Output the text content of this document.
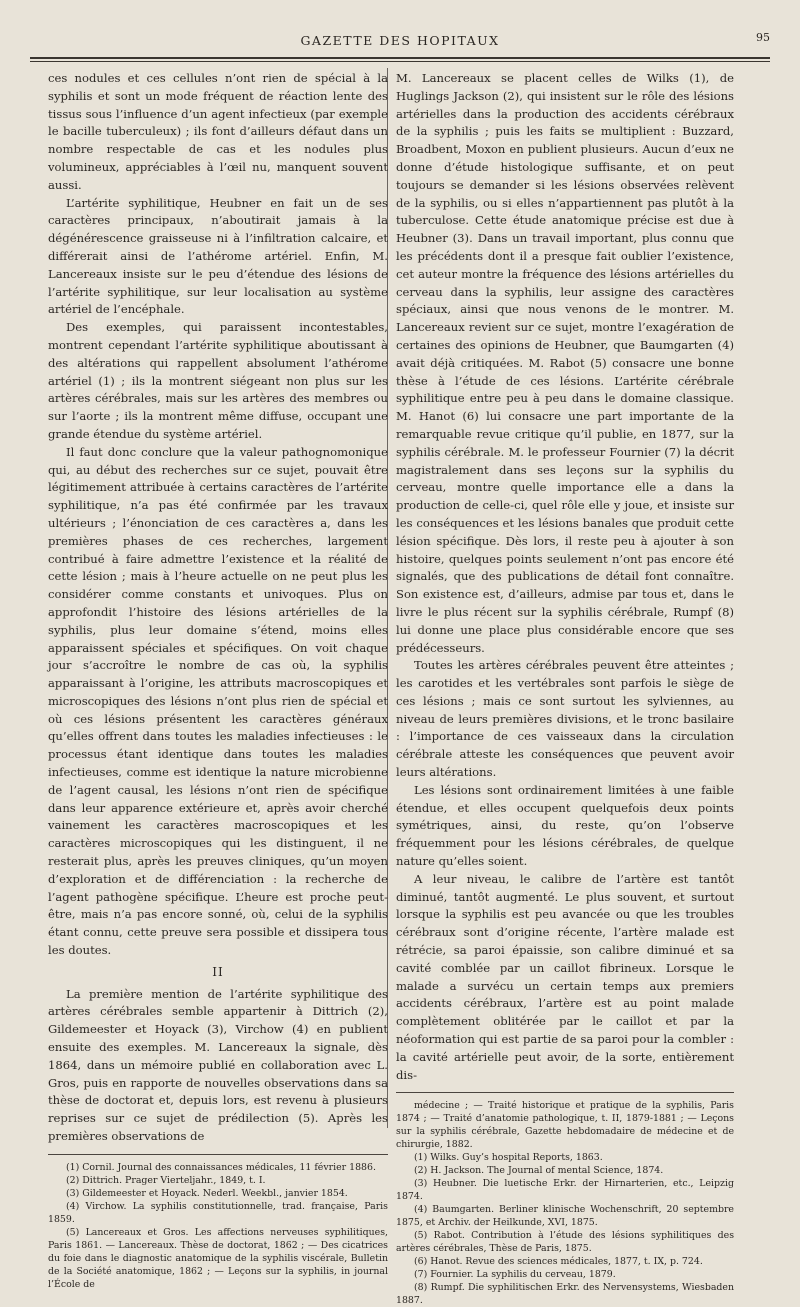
GAZETTE DES HOPITAUX	95

ces nodules et ces cellules n’ont rien de spécial à la syphilis et sont un mode fréquent de réaction lente des tissus sous l’influence d’un agent infectieux (par exemple le bacille tuberculeux) ; ils font d’ailleurs défaut dans un nombre respectable de cas et les nodules plus volumineux, appréciables à l’œil nu, manquent souvent aussi.

L’artérite syphilitique, Heubner en fait un de ses caractères principaux, n’aboutirait jamais à la dégénérescence graisseuse ni à l’infiltration calcaire, et différerait ainsi de l’athérome artériel. Enfin, M. Lancereaux insiste sur le peu d’étendue des lésions de l’artérite syphilitique, sur leur localisation au système artériel de l’encéphale.

Des exemples, qui paraissent incontestables, montrent cependant l’artérite syphilitique aboutissant à des altérations qui rappellent absolument l’athérome artériel (1) ; ils la montrent siégeant non plus sur les artères cérébrales, mais sur les artères des membres ou sur l’aorte ; ils la montrent même diffuse, occupant une grande étendue du système artériel.

Il faut donc conclure que la valeur pathognomonique qui, au début des recherches sur ce sujet, pouvait être légitimement attribuée à certains caractères de l’artérite syphilitique, n’a pas été confirmée par les travaux ultérieurs ; l’énonciation de ces caractères a, dans les premières phases de ces recherches, largement contribué à faire admettre l’existence et la réalité de cette lésion ; mais à l’heure actuelle on ne peut plus les considérer comme constants et univoques. Plus on approfondit l’histoire des lésions artérielles de la syphilis, plus leur domaine s’étend, moins elles apparaissent spéciales et spécifiques. On voit chaque jour s’accroître le nombre de cas où, la syphilis apparaissant à l’origine, les attributs macroscopiques et microscopiques des lésions n’ont plus rien de spécial et où ces lésions présentent les caractères généraux qu’elles offrent dans toutes les maladies infectieuses : le processus étant identique dans toutes les maladies infectieuses, comme est identique la nature microbienne de l’agent causal, les lésions n’ont rien de spécifique dans leur apparence extérieure et, après avoir cherché vainement les caractères macroscopiques et les caractères microscopiques qui les distinguent, il ne resterait plus, après les preuves cliniques, qu’un moyen d’exploration et de différenciation : la recherche de l’agent pathogène spécifique. L’heure est proche peut-être, mais n’a pas encore sonné, où, celui de la syphilis étant connu, cette preuve sera possible et dissipera tous les doutes.

II

La première mention de l’artérite syphilitique des artères cérébrales semble appartenir à Dittrich (2), Gildemeester et Hoyack (3), Virchow (4) en publient ensuite des exemples. M. Lancereaux la signale, dès 1864, dans un mémoire publié en collaboration avec L. Gros, puis en rapporte de nouvelles observations dans sa thèse de doctorat et, depuis lors, est revenu à plusieurs reprises sur ce sujet de prédilection (5). Après les premières observations de

(1) Cornil. Journal des connaissances médicales, 11 février 1886.

(2) Dittrich. Prager Vierteljahr., 1849, t. I.

(3) Gildemeester et Hoyack. Nederl. Weekbl., janvier 1854.

(4) Virchow. La syphilis constitutionnelle, trad. française, Paris 1859.

(5) Lancereaux et Gros. Les affections nerveuses syphilitiques, Paris 1861. — Lancereaux. Thèse de doctorat, 1862 ; — Des cicatrices du foie dans le diagnostic anatomique de la syphilis viscérale, Bulletin de la Société anatomique, 1862 ; — Leçons sur la syphilis, in journal l’École de

M. Lancereaux se placent celles de Wilks (1), de Huglings Jackson (2), qui insistent sur le rôle des lésions artérielles dans la production des accidents cérébraux de la syphilis ; puis les faits se multiplient : Buzzard, Broadbent, Moxon en publient plusieurs. Aucun d’eux ne donne d’étude histologique suffisante, et on peut toujours se demander si les lésions observées relèvent de la syphilis, ou si elles n’appartiennent pas plutôt à la tuberculose. Cette étude anatomique précise est due à Heubner (3). Dans un travail important, plus connu que les précédents dont il a presque fait oublier l’existence, cet auteur montre la fréquence des lésions artérielles du cerveau dans la syphilis, leur assigne des caractères spéciaux, ainsi que nous venons de le montrer. M. Lancereaux revient sur ce sujet, montre l’exagération de certaines des opinions de Heubner, que Baumgarten (4) avait déjà critiquées. M. Rabot (5) consacre une bonne thèse à l’étude de ces lésions. L’artérite cérébrale syphilitique entre peu à peu dans le domaine classique. M. Hanot (6) lui consacre une part importante de la remarquable revue critique qu’il publie, en 1877, sur la syphilis cérébrale. M. le professeur Fournier (7) la décrit magistralement dans ses leçons sur la syphilis du cerveau, montre quelle importance elle a dans la production de celle-ci, quel rôle elle y joue, et insiste sur les conséquences et les lésions banales que produit cette lésion spécifique. Dès lors, il reste peu à ajouter à son histoire, quelques points seulement n’ont pas encore été signalés, que des publications de détail font connaître. Son existence est, d’ailleurs, admise par tous et, dans le livre le plus récent sur la syphilis cérébrale, Rumpf (8) lui donne une place plus considérable encore que ses prédécesseurs.

Toutes les artères cérébrales peuvent être atteintes ; les carotides et les vertébrales sont parfois le siège de ces lésions ; mais ce sont surtout les sylviennes, au niveau de leurs premières divisions, et le tronc basilaire : l’importance de ces vaisseaux dans la circulation cérébrale atteste les conséquences que peuvent avoir leurs altérations.

Les lésions sont ordinairement limitées à une faible étendue, et elles occupent quelquefois deux points symétriques, ainsi, du reste, qu’on l’observe fréquemment pour les lésions cérébrales, de quelque nature qu’elles soient.

A leur niveau, le calibre de l’artère est tantôt diminué, tantôt augmenté. Le plus souvent, et surtout lorsque la syphilis est peu avancée ou que les troubles cérébraux sont d’origine récente, l’artère malade est rétrécie, sa paroi épaissie, son calibre diminué et sa cavité comblée par un caillot fibrineux. Lorsque le malade a survécu un certain temps aux premiers accidents cérébraux, l’artère est au point malade complètement oblitérée par le caillot et par la néoformation qui est partie de sa paroi pour la combler : la cavité artérielle peut avoir, de la sorte, entièrement dis-

médecine ; — Traité historique et pratique de la syphilis, Paris 1874 ; — Traité d’anatomie pathologique, t. II, 1879-1881 ; — Leçons sur la syphilis cérébrale, Gazette hebdomadaire de médecine et de chirurgie, 1882.

(1) Wilks. Guy’s hospital Reports, 1863.

(2) H. Jackson. The Journal of mental Science, 1874.

(3) Heubner. Die luetische Erkr. der Hirnarterien, etc., Leipzig 1874.

(4) Baumgarten. Berliner klinische Wochenschrift, 20 septembre 1875, et Archiv. der Heilkunde, XVI, 1875.

(5) Rabot. Contribution à l’étude des lésions syphilitiques des artères cérébrales, Thèse de Paris, 1875.

(6) Hanot. Revue des sciences médicales, 1877, t. IX, p. 724.

(7) Fournier. La syphilis du cerveau, 1879.

(8) Rumpf. Die syphilitischen Erkr. des Nervensystems, Wiesbaden 1887.
